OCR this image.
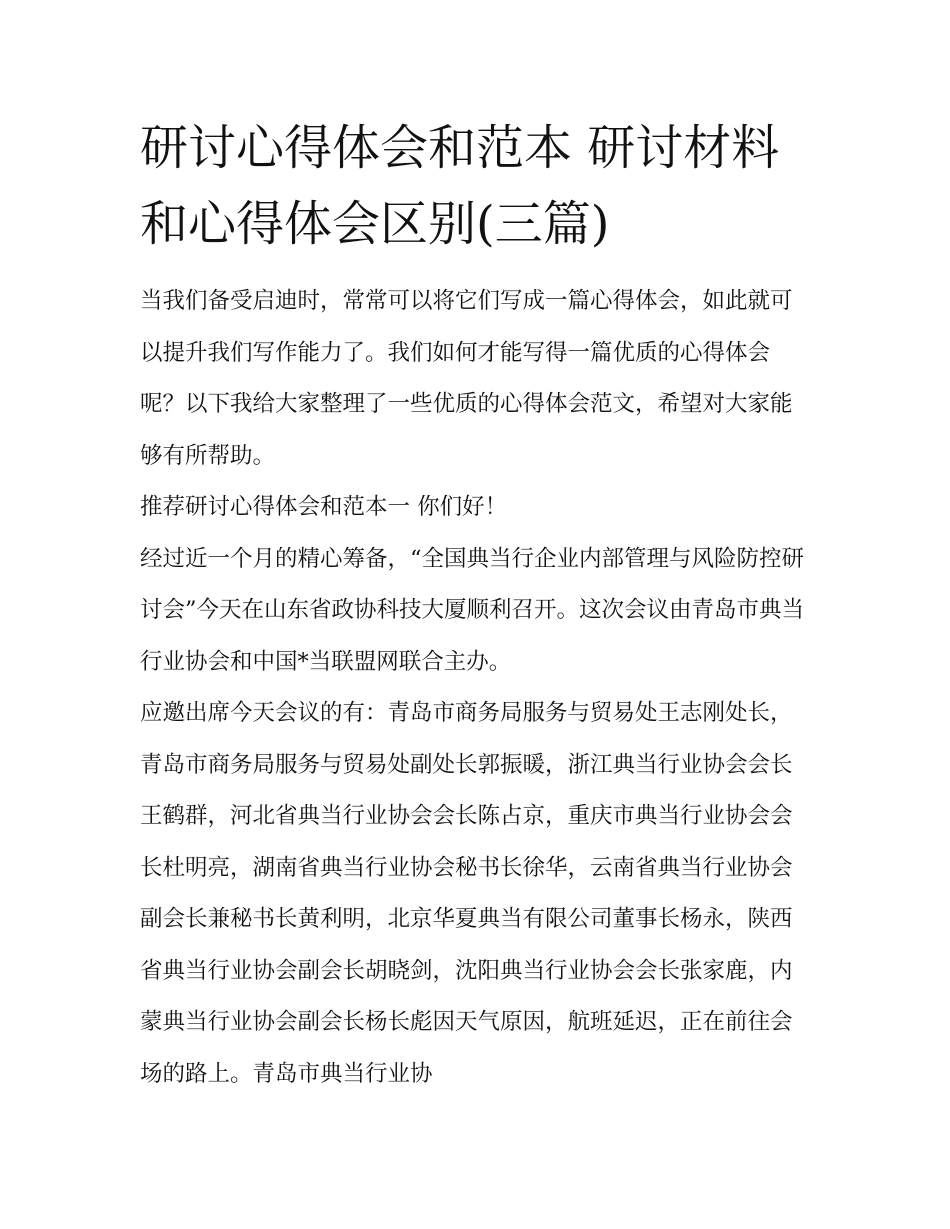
研讨心得体会和范本 研讨材料和心得体会区别(三篇)

当我们备受启迪时，常常可以将它们写成一篇心得体会，如此就可以提升我们写作能力了。我们如何才能写得一篇优质的心得体会呢？以下我给大家整理了一些优质的心得体会范文，希望对大家能够有所帮助。

推荐研讨心得体会和范本一 你们好！

经过近一个月的精心筹备，“全国典当行企业内部管理与风险防控研讨会”今天在山东省政协科技大厦顺利召开。这次会议由青岛市典当行业协会和中国*当联盟网联合主办。

应邀出席今天会议的有：青岛市商务局服务与贸易处王志刚处长，青岛市商务局服务与贸易处副处长郭振暖，浙江典当行业协会会长王鹤群，河北省典当行业协会会长陈占京，重庆市典当行业协会会长杜明亮，湖南省典当行业协会秘书长徐华，云南省典当行业协会副会长兼秘书长黄利明，北京华夏典当有限公司董事长杨永，陕西省典当行业协会副会长胡晓剑，沈阳典当行业协会会长张家鹿，内蒙典当行业协会副会长杨长彪因天气原因，航班延迟，正在前往会场的路上。青岛市典当行业协
